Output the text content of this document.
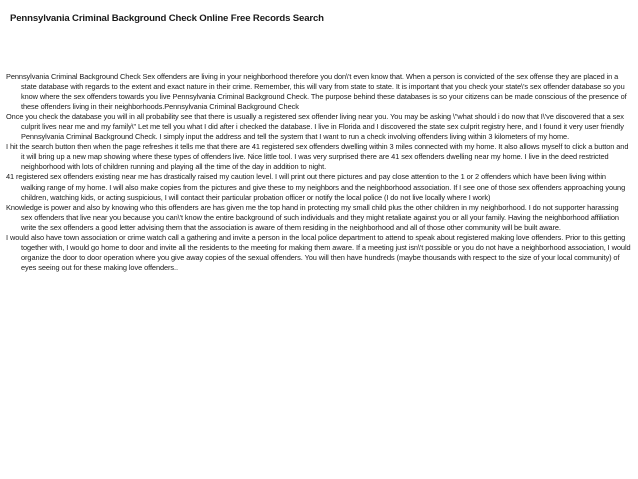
Pennsylvania Criminal Background Check Online Free Records Search

Pennsylvania Criminal Background Check Sex offenders are living in your neighborhood therefore you don\'t even know that. When a person is convicted of the sex offense they are placed in a state database with regards to the extent and exact nature in their crime. Remember, this will vary from state to state. It is important that you check your state\'s sex offender database so you know where the sex offenders towards you live Pennsylvania Criminal Background Check. The purpose behind these databases is so your citizens can be made conscious of the presence of these offenders living in their neighborhoods.Pennsylvania Criminal Background Check

Once you check the database you will in all probability see that there is usually a registered sex offender living near you. You may be asking \"what should i do now that I\'ve discovered that a sex culprit lives near me and my family\" Let me tell you what I did after i checked the database. I live in Florida and I discovered the state sex culprit registry here, and I found it very user friendly Pennsylvania Criminal Background Check. I simply input the address and tell the system that I want to run a check involving offenders living within 3 kilometers of my home.

I hit the search button then when the page refreshes it tells me that there are 41 registered sex offenders dwelling within 3 miles connected with my home. It also allows myself to click a button and it will bring up a new map showing where these types of offenders live. Nice little tool. I was very surprised there are 41 sex offenders dwelling near my home. I live in the deed restricted neighborhood with lots of children running and playing all the time of the day in addition to night.

41 registered sex offenders existing near me has drastically raised my caution level. I will print out there pictures and pay close attention to the 1 or 2 offenders which have been living within walking range of my home. I will also make copies from the pictures and give these to my neighbors and the neighborhood association. If I see one of those sex offenders approaching young children, watching kids, or acting suspicious, I will contact their particular probation officer or notify the local police (I do not live locally where I work)

Knowledge is power and also by knowing who this offenders are has given me the top hand in protecting my small child plus the other children in my neighborhood. I do not supporter harassing sex offenders that live near you because you can\'t know the entire background of such individuals and they might retaliate against you or all your family. Having the neighborhood affiliation write the sex offenders a good letter advising them that the association is aware of them residing in the neighborhood and all of those other community will be built aware.

I would also have town association or crime watch call a gathering and invite a person in the local police department to attend to speak about registered making love offenders. Prior to this getting together with, I would go home to door and invite all the residents to the meeting for making them aware. If a meeting just isn\'t possible or you do not have a neighborhood association, I would organize the door to door operation where you give away copies of the sexual offenders. You will then have hundreds (maybe thousands with respect to the size of your local community) of eyes seeing out for these making love offenders..
